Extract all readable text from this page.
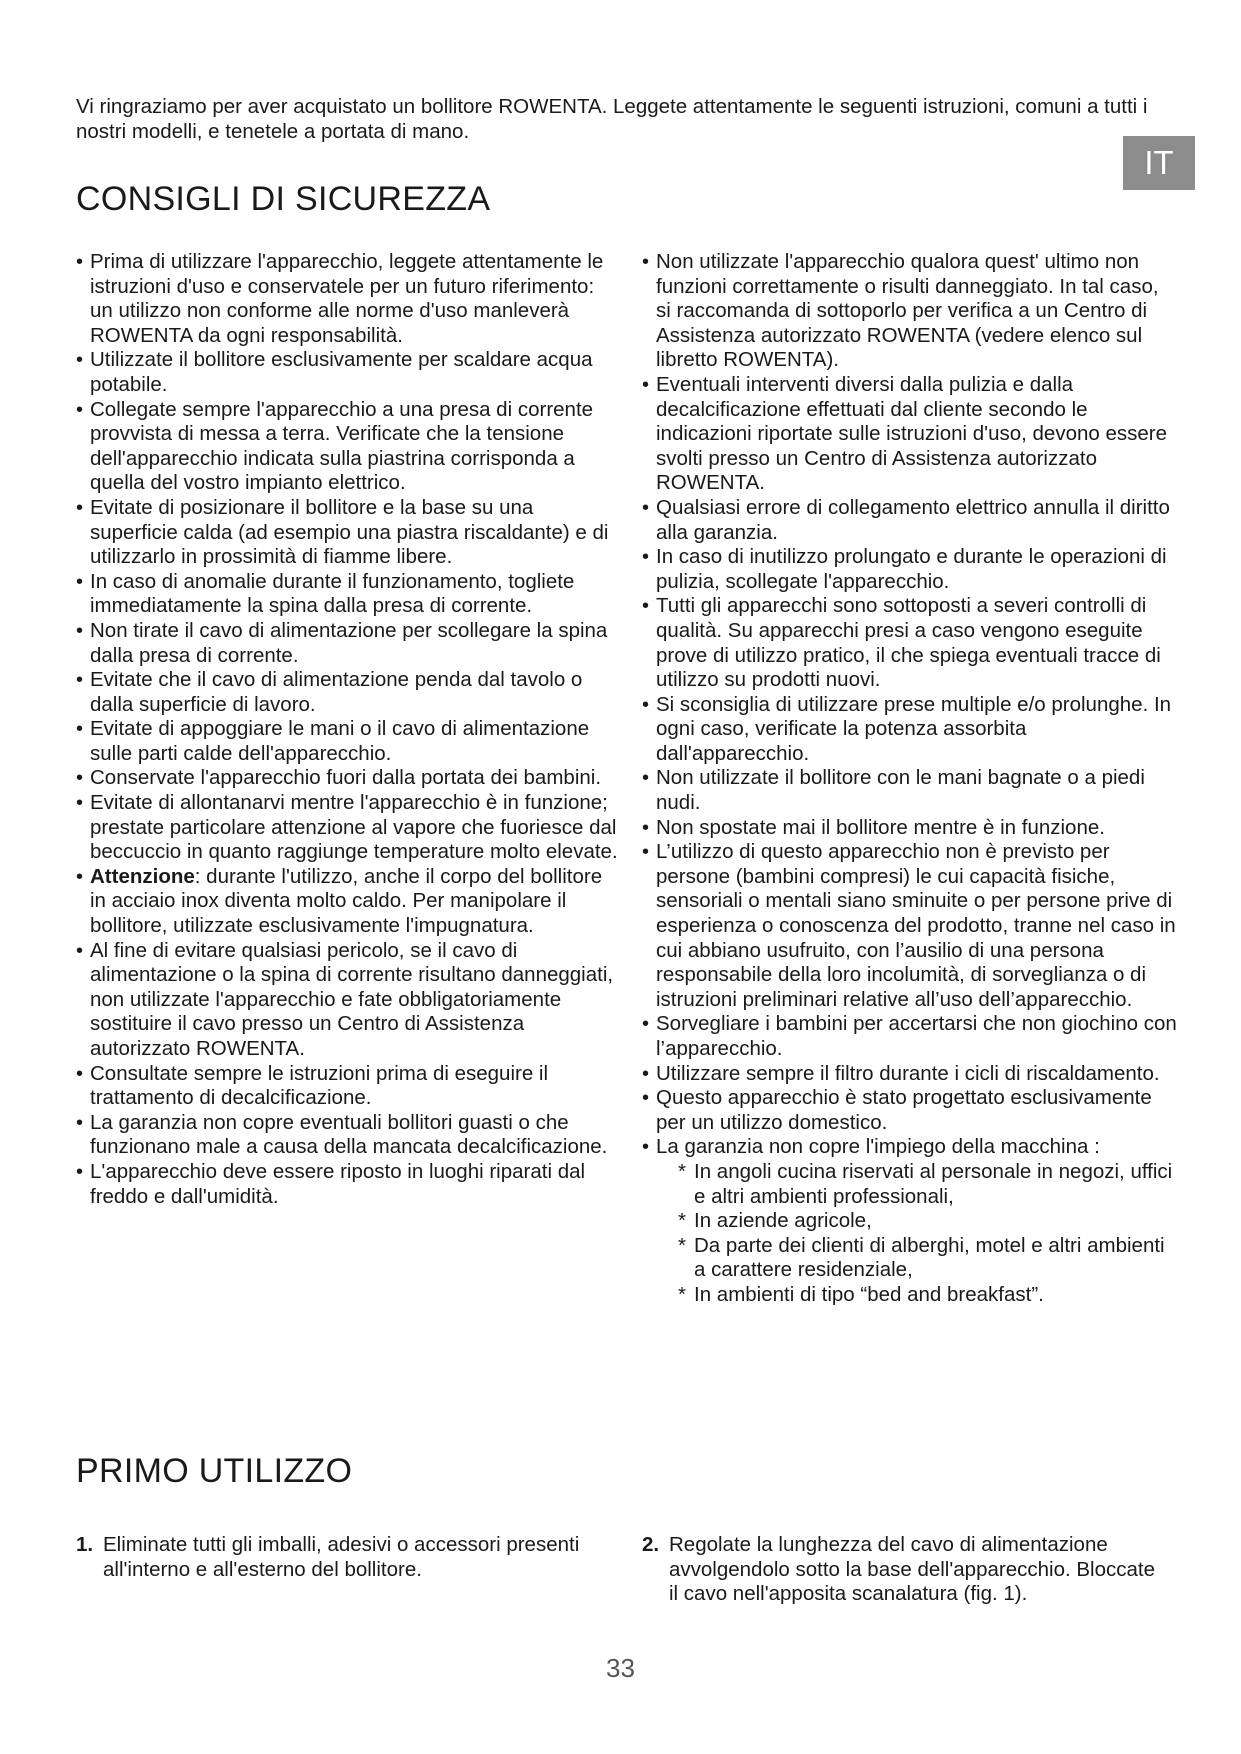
Vi ringraziamo per aver acquistato un bollitore ROWENTA. Leggete attentamente le seguenti istruzioni, comuni a tutti i nostri modelli, e tenetele a portata di mano.

IT
CONSIGLI DI SICUREZZA
• Prima di utilizzare l'apparecchio, leggete attentamente le istruzioni d'uso e conservatele per un futuro riferimento: un utilizzo non conforme alle norme d'uso manleverà ROWENTA da ogni responsabilità.
• Utilizzate il bollitore esclusivamente per scaldare acqua potabile.
• Collegate sempre l'apparecchio a una presa di corrente provvista di messa a terra. Verificate che la tensione dell'apparecchio indicata sulla piastrina corrisponda a quella del vostro impianto elettrico.
• Evitate di posizionare il bollitore e la base su una superficie calda (ad esempio una piastra riscaldante) e di utilizzarlo in prossimità di fiamme libere.
• In caso di anomalie durante il funzionamento, togliete immediatamente la spina dalla presa di corrente.
• Non tirate il cavo di alimentazione per scollegare la spina dalla presa di corrente.
• Evitate che il cavo di alimentazione penda dal tavolo o dalla superficie di lavoro.
• Evitate di appoggiare le mani o il cavo di alimentazione sulle parti calde dell'apparecchio.
• Conservate l'apparecchio fuori dalla portata dei bambini.
• Evitate di allontanarvi mentre l'apparecchio è in funzione; prestate particolare attenzione al vapore che fuoriesce dal beccuccio in quanto raggiunge temperature molto elevate.
• Attenzione: durante l'utilizzo, anche il corpo del bollitore in acciaio inox diventa molto caldo. Per manipolare il bollitore, utilizzate esclusivamente l'impugnatura.
• Al fine di evitare qualsiasi pericolo, se il cavo di alimentazione o la spina di corrente risultano danneggiati, non utilizzate l'apparecchio e fate obbligatoriamente sostituire il cavo presso un Centro di Assistenza autorizzato ROWENTA.
• Consultate sempre le istruzioni prima di eseguire il trattamento di decalcificazione.
• La garanzia non copre eventuali bollitori guasti o che funzionano male a causa della mancata decalcificazione.
• L'apparecchio deve essere riposto in luoghi riparati dal freddo e dall'umidità.
• Non utilizzate l'apparecchio qualora quest' ultimo non funzioni correttamente o risulti danneggiato. In tal caso, si raccomanda di sottoporlo per verifica a un Centro di Assistenza autorizzato ROWENTA (vedere elenco sul libretto ROWENTA).
• Eventuali interventi diversi dalla pulizia e dalla decalcificazione effettuati dal cliente secondo le indicazioni riportate sulle istruzioni d'uso, devono essere svolti presso un Centro di Assistenza autorizzato ROWENTA.
• Qualsiasi errore di collegamento elettrico annulla il diritto alla garanzia.
• In caso di inutilizzo prolungato e durante le operazioni di pulizia, scollegate l'apparecchio.
• Tutti gli apparecchi sono sottoposti a severi controlli di qualità. Su apparecchi presi a caso vengono eseguite prove di utilizzo pratico, il che spiega eventuali tracce di utilizzo su prodotti nuovi.
• Si sconsiglia di utilizzare prese multiple e/o prolunghe. In ogni caso, verificate la potenza assorbita dall'apparecchio.
• Non utilizzate il bollitore con le mani bagnate o a piedi nudi.
• Non spostate mai il bollitore mentre è in funzione.
• L’utilizzo di questo apparecchio non è previsto per persone (bambini compresi) le cui capacità fisiche, sensoriali o mentali siano sminuite o per persone prive di esperienza o conoscenza del prodotto, tranne nel caso in cui abbiano usufruito, con l’ausilio di una persona responsabile della loro incolumità, di sorveglianza o di istruzioni preliminari relative all’uso dell’apparecchio.
• Sorvegliare i bambini per accertarsi che non giochino con l’apparecchio.
• Utilizzare sempre il filtro durante i cicli di riscaldamento.
• Questo apparecchio è stato progettato esclusivamente per un utilizzo domestico.
• La garanzia non copre l'impiego della macchina :
* In angoli cucina riservati al personale in negozi, uffici e altri ambienti professionali,
* In aziende agricole,
* Da parte dei clienti di alberghi, motel e altri ambienti a carattere residenziale,
* In ambienti di tipo “bed and breakfast”.
PRIMO UTILIZZO
1. Eliminate tutti gli imballi, adesivi o accessori presenti all'interno e all'esterno del bollitore.
2. Regolate la lunghezza del cavo di alimentazione avvolgendolo sotto la base dell'apparecchio. Bloccate il cavo nell'apposita scanalatura (fig. 1).
33
